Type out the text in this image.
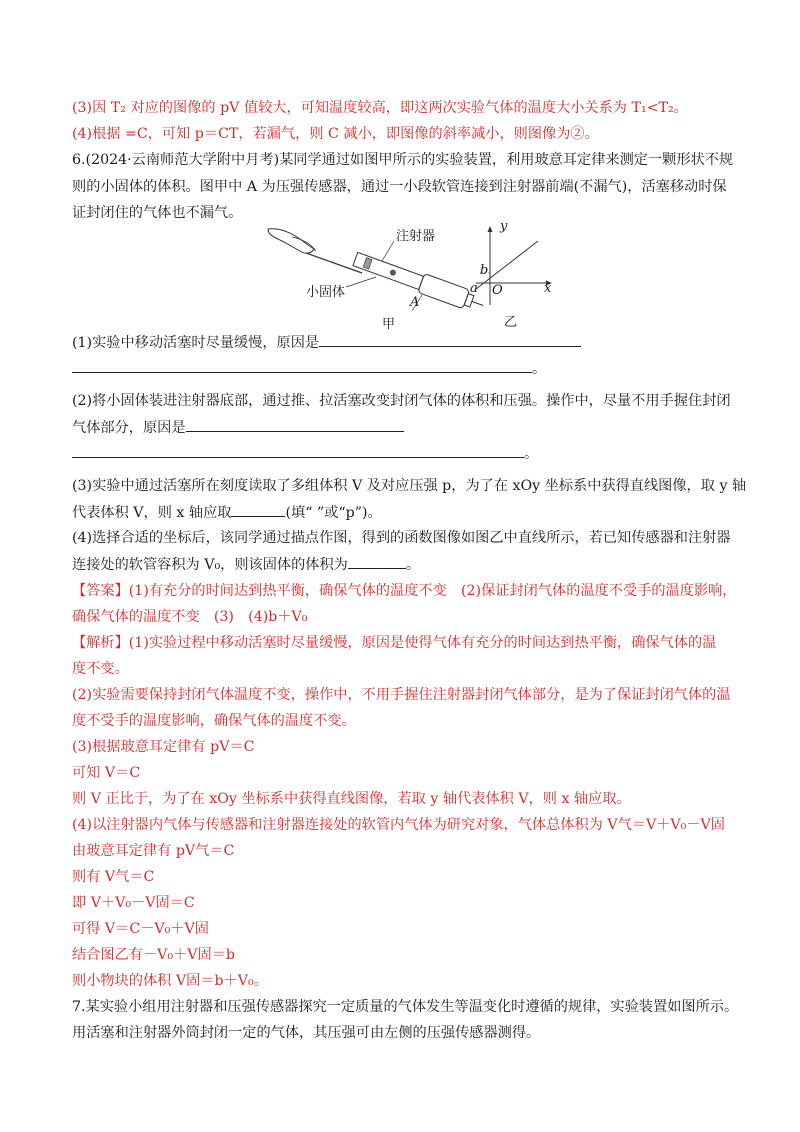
(3)因 T₂ 对应的图像的 pV 值较大，可知温度较高，即这两次实验气体的温度大小关系为 T₁<T₂。
(4)根据 =C，可知 p＝CT，若漏气，则 C 减小，即图像的斜率减小，则图像为②。
6.(2024·云南师范大学附中月考)某同学通过如图甲所示的实验装置，利用玻意耳定律来测定一颗形状不规
则的小固体的体积。图甲中 A 为压强传感器，通过一小段软管连接到注射器前端(不漏气)，活塞移动时保
证封闭住的气体也不漏气。
注射器
小固体
A
甲
y
x
b
a O
乙
(1)实验中移动活塞时尽量缓慢，原因是
。
(2)将小固体装进注射器底部，通过推、拉活塞改变封闭气体的体积和压强。操作中，尽量不用手握住封闭
气体部分，原因是
。
(3)实验中通过活塞所在刻度读取了多组体积 V 及对应压强 p，为了在 xOy 坐标系中获得直线图像，取 y 轴
代表体积 V，则 x 轴应取	(填“ ”或“p”)。
(4)选择合适的坐标后，该同学通过描点作图，得到的函数图像如图乙中直线所示，若已知传感器和注射器
连接处的软管容积为 V₀，则该固体的体积为	。
【答案】(1)有充分的时间达到热平衡，确保气体的温度不变　(2)保证封闭气体的温度不受手的温度影响，
确保气体的温度不变　(3)　(4)b＋V₀
【解析】(1)实验过程中移动活塞时尽量缓慢，原因是使得气体有充分的时间达到热平衡，确保气体的温
度不变。
(2)实验需要保持封闭气体温度不变，操作中，不用手握住注射器封闭气体部分，是为了保证封闭气体的温
度不受手的温度影响，确保气体的温度不变。
(3)根据玻意耳定律有 pV＝C
可知 V＝C
则 V 正比于，为了在 xOy 坐标系中获得直线图像，若取 y 轴代表体积 V，则 x 轴应取。
(4)以注射器内气体与传感器和注射器连接处的软管内气体为研究对象，气体总体积为 V气＝V＋V₀－V固
由玻意耳定律有 pV气＝C
则有 V气＝C
即 V＋V₀－V固＝C
可得 V＝C－V₀＋V固
结合图乙有－V₀＋V固＝b
则小物块的体积 V固＝b＋V₀。
7.某实验小组用注射器和压强传感器探究一定质量的气体发生等温变化时遵循的规律，实验装置如图所示。
用活塞和注射器外筒封闭一定的气体，其压强可由左侧的压强传感器测得。
